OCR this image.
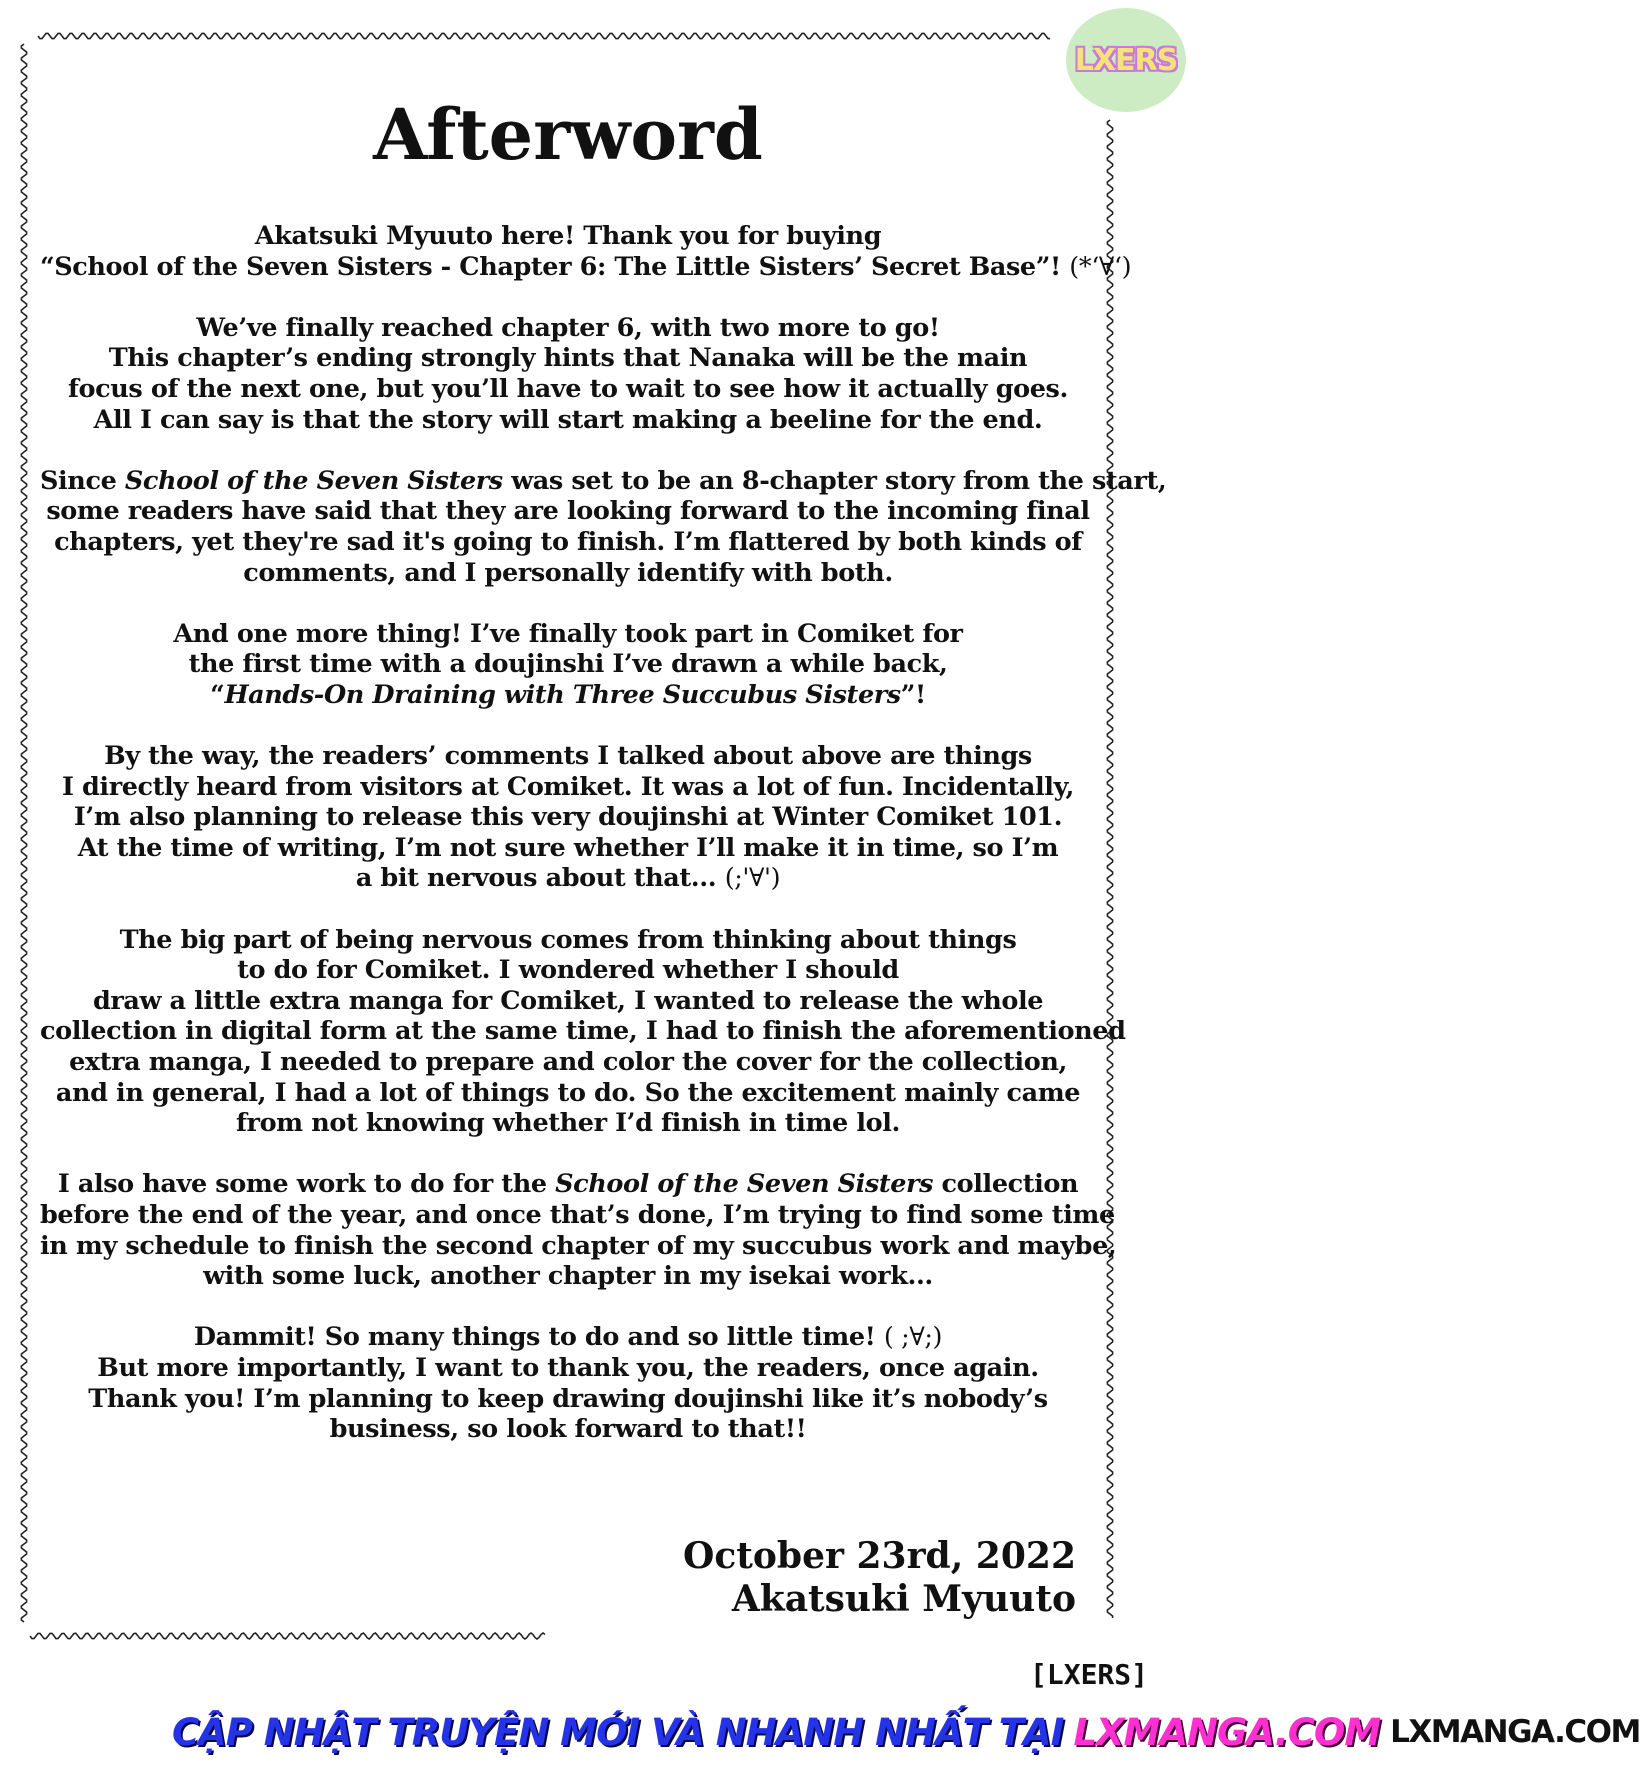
LXERS
Afterword
Akatsuki Myuuto here! Thank you for buying
“School of the Seven Sisters - Chapter 6: The Little Sisters’ Secret Base”! (*‘∀‘)
We’ve finally reached chapter 6, with two more to go!
This chapter’s ending strongly hints that Nanaka will be the main
focus of the next one, but you’ll have to wait to see how it actually goes.
All I can say is that the story will start making a beeline for the end.
Since School of the Seven Sisters was set to be an 8-chapter story from the start,
some readers have said that they are looking forward to the incoming final
chapters, yet they're sad it's going to finish. I’m flattered by both kinds of
comments, and I personally identify with both.
And one more thing! I’ve finally took part in Comiket for
the first time with a doujinshi I’ve drawn a while back,
“Hands-On Draining with Three Succubus Sisters”!
By the way, the readers’ comments I talked about above are things
I directly heard from visitors at Comiket. It was a lot of fun. Incidentally,
I’m also planning to release this very doujinshi at Winter Comiket 101.
At the time of writing, I’m not sure whether I’ll make it in time, so I’m
a bit nervous about that... (;'∀')
The big part of being nervous comes from thinking about things
to do for Comiket. I wondered whether I should
draw a little extra manga for Comiket, I wanted to release the whole
collection in digital form at the same time, I had to finish the aforementioned
extra manga, I needed to prepare and color the cover for the collection,
and in general, I had a lot of things to do. So the excitement mainly came
from not knowing whether I’d finish in time lol.
I also have some work to do for the School of the Seven Sisters collection
before the end of the year, and once that’s done, I’m trying to find some time
in my schedule to finish the second chapter of my succubus work and maybe,
with some luck, another chapter in my isekai work...
Dammit! So many things to do and so little time! ( ;∀;)
But more importantly, I want to thank you, the readers, once again.
Thank you! I’m planning to keep drawing doujinshi like it’s nobody’s
business, so look forward to that!!
October 23rd, 2022
Akatsuki Myuuto
[LXERS]
CẬP NHẬT TRUYỆN MỚI VÀ NHANH NHẤT TẠI LXMANGA.COM LXMANGA.COM
